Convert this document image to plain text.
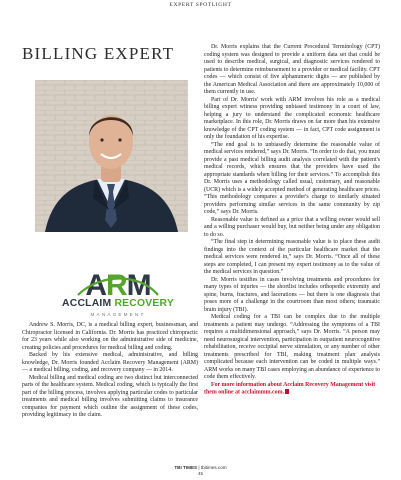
EXPERT SPOTLIGHT
BILLING EXPERT
ARM
ACCLAIM RECOVERY
MANAGEMENT

Andrew S. Morris, DC, is a medical billing expert, businessman, and Chiropractor licensed in California. Dr. Morris has practiced chiropractic for 23 years while also working on the administrative side of medicine, creating policies and procedures for medical billing and coding.

Backed by his extensive medical, administrative, and billing knowledge, Dr. Morris founded Acclaim Recovery Management (ARM) — a medical billing, coding, and recovery company — in 2014.

Medical billing and medical coding are two distinct but interconnected parts of the healthcare system. Medical coding, which is typically the first part of the billing process, involves applying particular codes to particular treatments and medical billing involves submitting claims to insurance companies for payment which outline the assignment of these codes, providing legitimacy to the claim.

Dr. Morris explains that the Current Procedural Terminology (CPT) coding system was designed to provide a uniform data set that could be used to describe medical, surgical, and diagnostic services rendered to patients to determine reimbursement to a provider or medical facility. CPT codes — which consist of five alphanumeric digits — are published by the American Medical Association and there are approximately 10,000 of them currently in use.

Part of Dr. Morris' work with ARM involves his role as a medical billing expert witness providing unbiased testimony in a court of law, helping a jury to understand the complicated economic healthcare marketplace. In this role, Dr. Morris draws on far more than his extensive knowledge of the CPT coding system — in fact, CPT code assignment is only the foundation of his expertise.

“The end goal is to unbiasedly determine the reasonable value of medical services rendered,” says Dr. Morris. “In order to do that, you must provide a past medical billing audit analysis correlated with the patient's medical records, which ensures that the providers have used the appropriate standards when billing for their services.” To accomplish this Dr. Morris uses a methodology called usual, customary, and reasonable (UCR) which is a widely accepted method of generating healthcare prices. “This methodology compares a provider's charge to similarly situated providers performing similar services in the same community by zip code,” says Dr. Morris.

Reasonable value is defined as a price that a willing owner would sell and a willing purchaser would buy, but neither being under any obligation to do so.

“The final step in determining reasonable value is to place these audit findings into the context of the particular healthcare market that the medical services were rendered in,” says Dr. Morris. “Once all of these steps are completed, I can present my expert testimony as to the value of the medical services in question.”

Dr. Morris testifies in cases involving treatments and procedures for many types of injuries — the shortlist includes orthopedic extremity and spine, burns, fractures, and lacerations — but there is one diagnosis that poses more of a challenge in the courtroom than most others; traumatic brain injury (TBI).

Medical coding for a TBI can be complex due to the multiple treatments a patient may undergo. “Addressing the symptoms of a TBI requires a multidimensional approach,” says Dr. Morris. “A person may need neurosurgical intervention, participation in outpatient neurocognitive rehabilitation, receive occipital nerve stimulation, or any number of other treatments prescribed for TBI, making treatment plan analysis complicated because each intervention can be coded in multiple ways.” ARM works on many TBI cases employing an abundance of experience to code them effectively.

For more information about Acclaim Recovery Management visit them online at acclaimmm.com.

TBI TIMES | tbitimes.com
45
